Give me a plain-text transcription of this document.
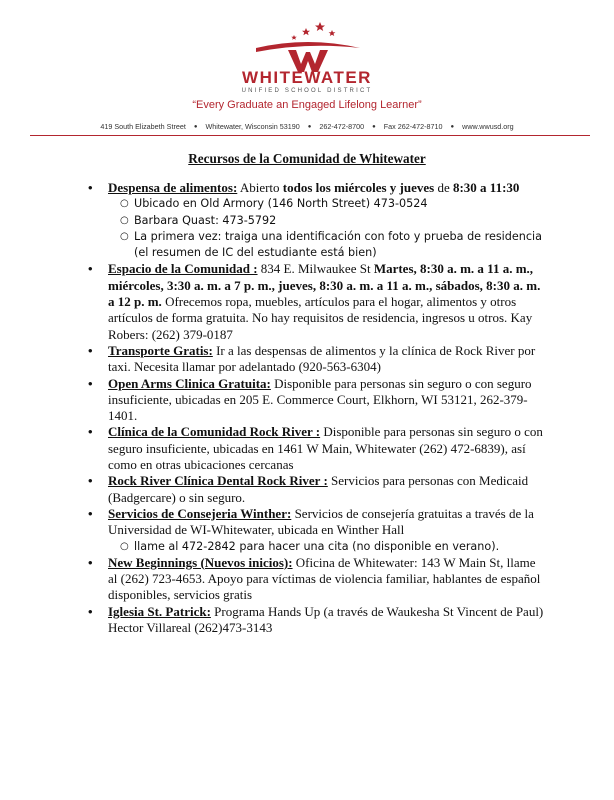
WHITEWATER
UNIFIED SCHOOL DISTRICT
“Every Graduate an Engaged Lifelong Learner”
419 South Elizabeth Street ● Whitewater, Wisconsin 53190 ● 262-472-8700 ● Fax 262-472-8710 ● www.wwusd.org
Recursos de la Comunidad de Whitewater
• Despensa de alimentos: Abierto todos los miércoles y jueves de 8:30 a 11:30
○ Ubicado en Old Armory (146 North Street) 473-0524
○ Barbara Quast: 473-5792
○ La primera vez: traiga una identificación con foto y prueba de residencia (el resumen de IC del estudiante está bien)
• Espacio de la Comunidad : 834 E. Milwaukee St Martes, 8:30 a. m. a 11 a. m., miércoles, 3:30 a. m. a 7 p. m., jueves, 8:30 a. m. a 11 a. m., sábados, 8:30 a. m. a 12 p. m. Ofrecemos ropa, muebles, artículos para el hogar, alimentos y otros artículos de forma gratuita. No hay requisitos de residencia, ingresos u otros. Kay Robers: (262) 379-0187
• Transporte Gratis: Ir a las despensas de alimentos y la clínica de Rock River por taxi. Necesita llamar por adelantado (920-563-6304)
• Open Arms Clinica Gratuita: Disponible para personas sin seguro o con seguro insuficiente, ubicadas en 205 E. Commerce Court, Elkhorn, WI 53121, 262-379-1401.
• Clínica de la Comunidad Rock River : Disponible para personas sin seguro o con seguro insuficiente, ubicadas en 1461 W Main, Whitewater (262) 472-6839), así como en otras ubicaciones cercanas
• Rock River Clínica Dental Rock River : Servicios para personas con Medicaid (Badgercare) o sin seguro.
• Servicios de Consejeria Winther: Servicios de consejería gratuitas a través de la Universidad de WI-Whitewater, ubicada en Winther Hall
○ llame al 472-2842 para hacer una cita (no disponible en verano).
• New Beginnings (Nuevos inicios): Oficina de Whitewater: 143 W Main St, llame al (262) 723-4653. Apoyo para víctimas de violencia familiar, hablantes de español disponibles, servicios gratis
• Iglesia St. Patrick: Programa Hands Up (a través de Waukesha St Vincent de Paul) Hector Villareal (262)473-3143
